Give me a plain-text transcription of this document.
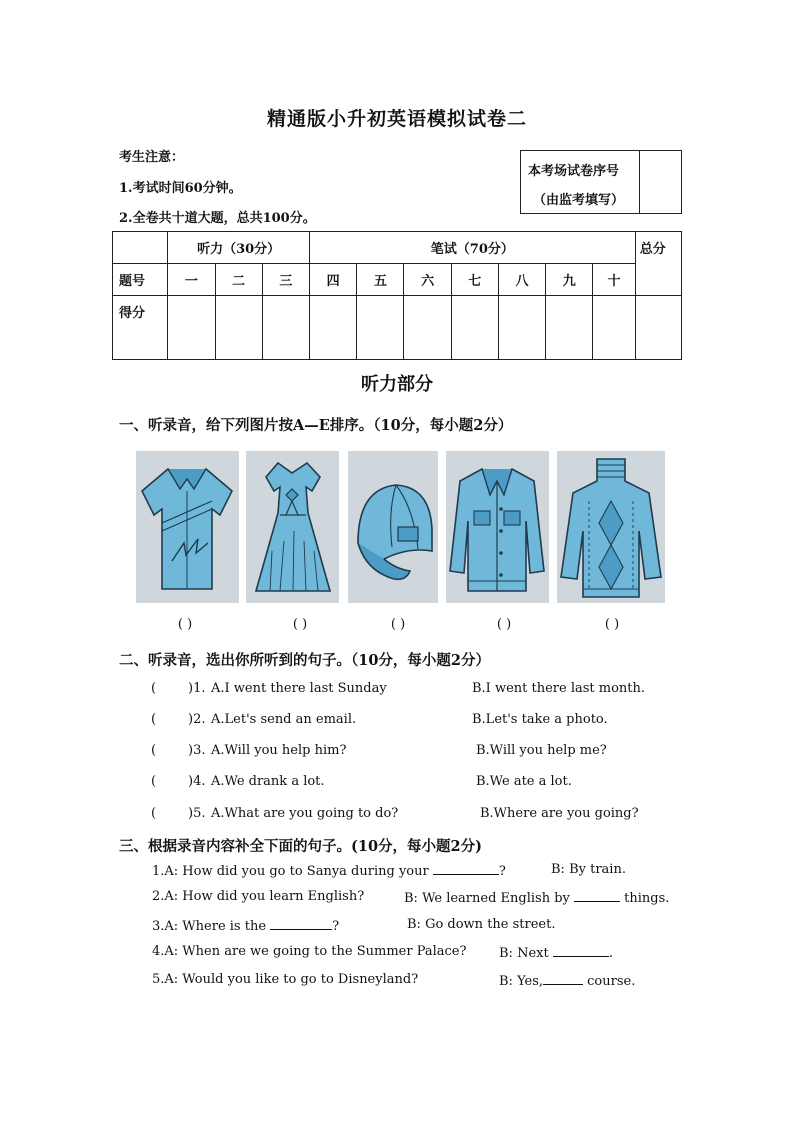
精通版小升初英语模拟试卷二
考生注意：
1.考试时间60分钟。
2.全卷共十道大题，总共100分。
本考场试卷序号
（由监考填写）
	听力（30分）			笔试（70分）							总分
题号	一	二	三	四	五	六	七	八	九	十	
得分											
听力部分
一、听录音，给下列图片按A—E排序。（10分，每小题2分）
( )	( )	( )	( )	( )
二、听录音，选出你所听到的句子。（10分，每小题2分）
( )1. A.I went there last Sunday	B.I went there last month.
( )2. A.Let's send an email.	B.Let's take a photo.
( )3. A.Will you help him?	B.Will you help me?
( )4. A.We drank a lot.	B.We ate a lot.
( )5. A.What are you going to do?	B.Where are you going?
三、根据录音内容补全下面的句子。(10分，每小题2分)
1.A: How did you go to Sanya during your	?	B: By train.
2.A: How did you learn English?	B: We learned English by	things.
3.A: Where is the	?	B: Go down the street.
4.A: When are we going to the Summer Palace?	B: Next	.
5.A: Would you like to go to Disneyland?	B: Yes,	course.
